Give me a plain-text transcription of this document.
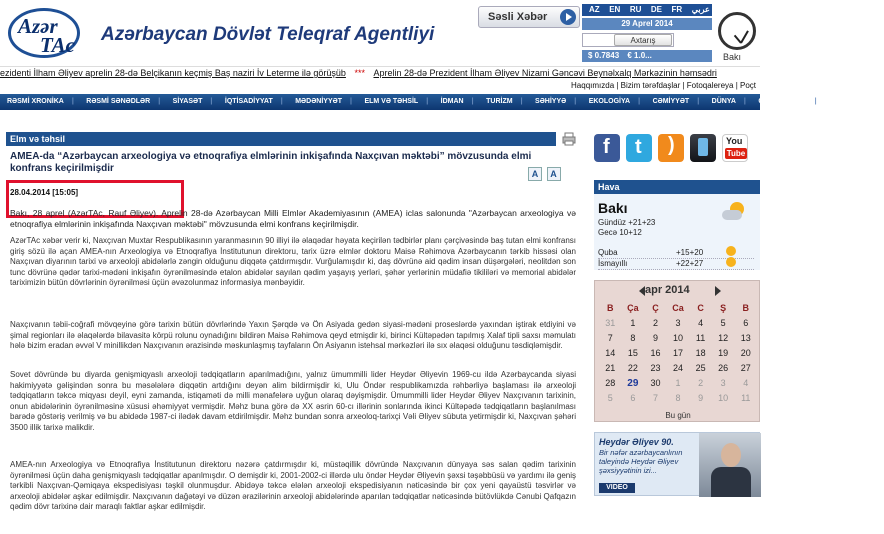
Azər
TAc Azərbaycan Dövlət Teleqraf Agentliyi
Səsli Xəbər
AZ EN RU DE FR عربي
29 Aprel 2014
Axtarış
$ 0.7843 € 1.0...	Bakı
ezidenti İlham Əliyev aprelin 28-də Belçikanın keçmiş Baş naziri İv Leterme ilə görüşüb *** Aprelin 28-də Prezident İlham Əliyev Nizami Gəncəvi Beynəlxalq Mərkəzinin həmsədri
Haqqımızda | Bizim tərəfdaşlar | Fotoqalereya | Poçt
RƏSMİ XRONİKA |	RƏSMİ SƏNƏDLƏR |	SİYASƏT |	İQTİSADİYYAT |	MƏDƏNİYYƏT |	ELM VƏ TƏHSİL |	İDMAN |	TURİZM |	SƏHİYYƏ |	EKOLOGİYA |	CƏMİYYƏT |	DÜNYA |	QAN YADDAŞI |	MULTİMEDİA
Elm və təhsil
AMEA-da “Azərbaycan arxeologiya və etnoqrafiya elmlərinin inkişafında Naxçıvan məktəbi” mövzusunda elmi konfrans keçirilmişdir	A A
28.04.2014 [15:05]
Bakı, 28 aprel (AzərTAc, Rauf Əliyev). Aprelin 28-də Azərbaycan Milli Elmlər Akademiyasının (AMEA) iclas salonunda "Azərbaycan arxeologiya və etnoqrafiya elmlərinin inkişafında Naxçıvan məktəbi" mövzusunda elmi konfrans keçirilmişdir.
AzərTAc xəbər verir ki, Naxçıvan Muxtar Respublikasının yaranmasının 90 illiyi ilə əlaqədar həyata keçirilən tədbirlər planı çərçivəsində baş tutan elmi konfransı giriş sözü ilə açan AMEA-nın Arxeologiya və Etnoqrafiya İnstitutunun direktoru, tarix üzrə elmlər doktoru Maisə Rəhimova Azərbaycanın tərkib hissəsi olan Naxçıvan diyarının tarixi və arxeoloji abidələrlə zəngin olduğunu diqqətə çatdırmışdır. Vurğulamışdır ki, daş dövrünə aid qədim insan düşərgələri, neolitdən son tunc dövrünə qədər tarixi-mədəni inkişafın öyrənilməsində etalon abidələr sayılan qədim yaşayış yerləri, şəhər yerlərinin müdafiə tikililəri və memorial abidələr tariximizin bütün dövrlərinin öyrənilməsi üçün əvəzolunmaz informasiya mənbəyidir.
Naxçıvanın təbii-coğrafi mövqeyinə görə tarixin bütün dövrlərində Yaxın Şərqdə və Ön Asiyada gedən siyasi-mədəni proseslərdə yaxından iştirak etdiyini və şimal regionları ilə əlaqələrdə bilavasitə körpü rolunu oynadığını bildirən Maisə Rəhimova qeyd etmişdir ki, birinci Kültəpədən tapılmış Xalaf tipli saxsı məmulatı hələ bizim eradan əvvəl V minillikdən Naxçıvanın ərazisində məskunlaşmış tayfaların Ön Asiyanın istehsal mərkəzləri ilə sıx əlaqəsi olduğunu təsdiqləmişdir.
Sovet dövründə bu diyarda genişmiqyaslı arxeoloji tədqiqatların aparılmadığını, yalnız ümummilli lider Heydər Əliyevin 1969-cu ildə Azərbaycanda siyasi hakimiyyətə gəlişindən sonra bu məsələlərə diqqətin artdığını deyən alim bildirmişdir ki, Ulu Öndər respublikamızda rəhbərliyə başlaması ilə arxeoloji tədqiqatların təkcə miqyası deyil, eyni zamanda, istiqaməti də milli mənafelərə uyğun olaraq dəyişmişdir. Ümummilli lider Heydər Əliyev Naxçıvanın tarixinin, onun abidələrinin öyrənilməsinə xüsusi əhəmiyyət vermişdir. Məhz buna görə də XX əsrin 60-cı illərinin sonlarında ikinci Kültəpədə tədqiqatların başlanılması barədə göstəriş verilmiş və bu abidədə 1987-ci ilədək davam etdirilmişdir. Məhz bundan sonra arxeoloq-tarixçi Vəli Əliyev sübuta yetirmişdir ki, Naxçıvan şəhəri 3500 illik tarixə malikdir.
AMEA-nın Arxeologiya və Etnoqrafiya İnstitutunun direktoru nəzərə çatdırmışdır ki, müstəqillik dövründə Naxçıvanın dünyaya səs salan qədim tarixinin öyrənilməsi üçün daha genişmiqyaslı tədqiqatlar aparılmışdır. O demişdir ki, 2001-2002-ci illərdə ulu öndər Heydər Əliyevin şəxsi təşəbbüsü və yardımı ilə geniş tərkibli Naxçıvan-Qəmiqaya ekspedisiyası təşkil olunmuşdur. Abidəyə təkcə elələn arxeoloji ekspedisiyanın nəticəsində bir çox yeni qayaüstü təsvirlər və arxeoloji abidələr aşkar edilmişdir. Naxçıvanın dağətəyi və düzən ərazilərinin arxeoloji abidələrində aparılan tədqiqatlar nəticəsində bütövlükdə Cənubi Qafqazın qədim dövr tarixinə dair maraqlı faktlar aşkar edilmişdir.
f
t
)
You
Tube
Hava
Bakı
Gündüz +21+23
Gecə 10+12
Quba	+15+20
İsmayıllı	+22+27
apr 2014
B	Ça	Ç	Ca	C	Ş	B
31	1	2	3	4	5	6
7	8	9	10	11	12	13
14	15	16	17	18	19	20
21	22	23	24	25	26	27
28	29	30	1	2	3	4
5	6	7	8	9	10	11
Bu gün
Heydər Əliyev 90.
Bir nəfər azərbaycanlının taleyində Heydər Əliyev şəxsiyyətinin izi...
VIDEO
